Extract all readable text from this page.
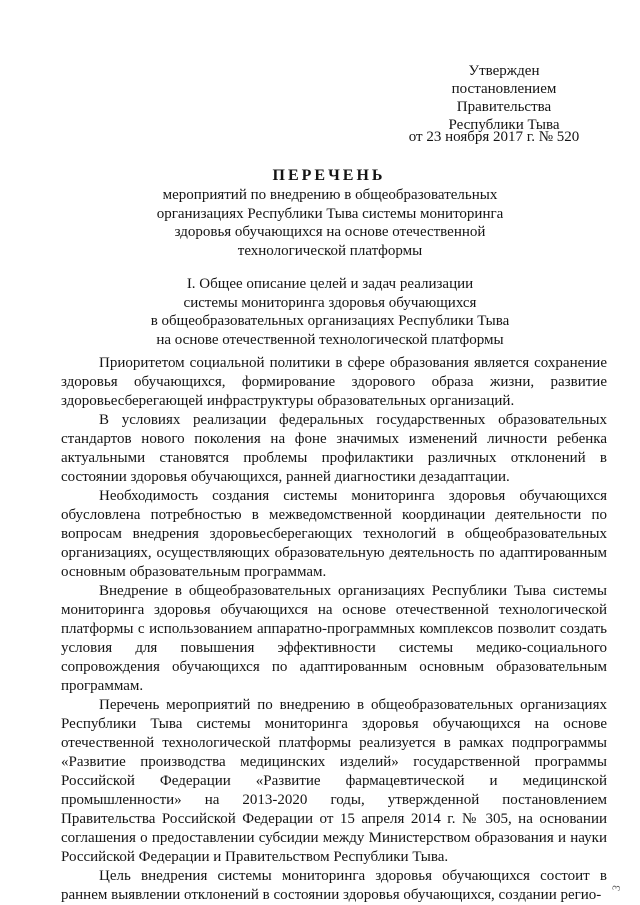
Утвержден
постановлением Правительства
Республики Тыва
от 23 ноября 2017 г. № 520
ПЕРЕЧЕНЬ
мероприятий по внедрению в общеобразовательных
организациях Республики Тыва системы мониторинга
здоровья обучающихся на основе отечественной
технологической платформы
I. Общее описание целей и задач реализации
системы мониторинга здоровья обучающихся
в общеобразовательных организациях Республики Тыва
на основе отечественной технологической платформы

Приоритетом социальной политики в сфере образования является сохранение здоровья обучающихся, формирование здорового образа жизни, развитие здоровьесберегающей инфраструктуры образовательных организаций.

В условиях реализации федеральных государственных образовательных стандартов нового поколения на фоне значимых изменений личности ребенка актуальными становятся проблемы профилактики различных отклонений в состоянии здоровья обучающихся, ранней диагностики дезадаптации.

Необходимость создания системы мониторинга здоровья обучающихся обусловлена потребностью в межведомственной координации деятельности по вопросам внедрения здоровьесберегающих технологий в общеобразовательных организациях, осуществляющих образовательную деятельность по адаптированным основным образовательным программам.

Внедрение в общеобразовательных организациях Республики Тыва системы мониторинга здоровья обучающихся на основе отечественной технологической платформы с использованием аппаратно-программных комплексов позволит создать условия для повышения эффективности системы медико-социального сопровождения обучающихся по адаптированным основным образовательным программам.

Перечень мероприятий по внедрению в общеобразовательных организациях Республики Тыва системы мониторинга здоровья обучающихся на основе отечественной технологической платформы реализуется в рамках подпрограммы «Развитие производства медицинских изделий» государственной программы Российской Федерации «Развитие фармацевтической и медицинской промышленности» на 2013-2020 годы, утвержденной постановлением Правительства Российской Федерации от 15 апреля 2014 г. № 305, на основании соглашения о предоставлении субсидии между Министерством образования и науки Российской Федерации и Правительством Республики Тыва.

Цель внедрения системы мониторинга здоровья обучающихся состоит в раннем выявлении отклонений в состоянии здоровья обучающихся, создании регио- 3
